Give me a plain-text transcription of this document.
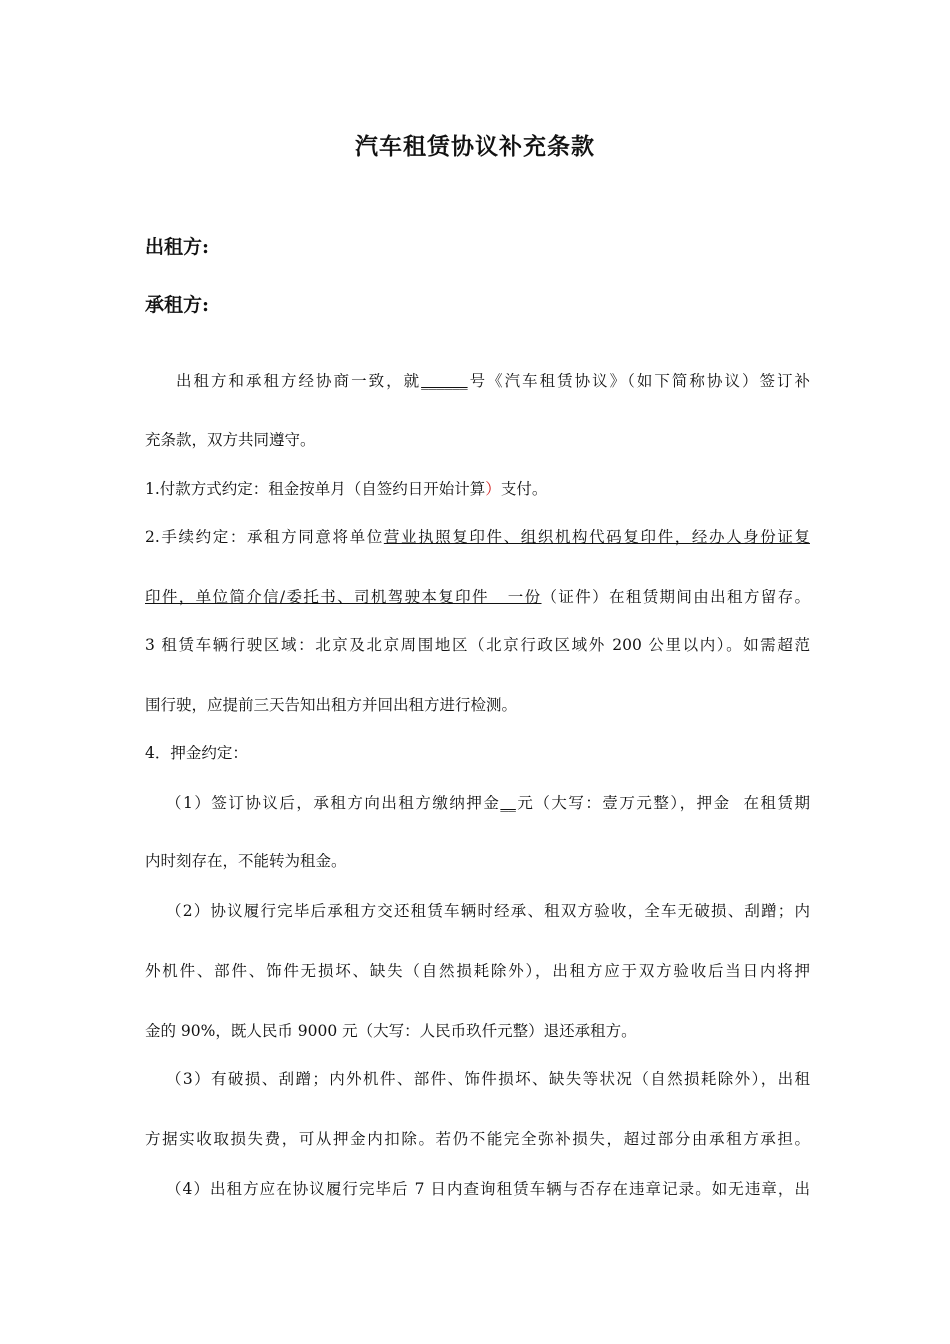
汽车租赁协议补充条款
出租方:
承租方:
出租方和承租方经协商一致，就______号《汽车租赁协议》（如下简称协议）签订补
充条款，双方共同遵守。
1.付款方式约定：租金按单月（自签约日开始计算）支付。
2.手续约定：承租方同意将单位营业执照复印件、组织机构代码复印件，经办人身份证复
印件，单位简介信/委托书、司机驾驶本复印件   一份（证件）在租赁期间由出租方留存。
3 租赁车辆行驶区域：北京及北京周围地区（北京行政区域外 200 公里以内）。如需超范
围行驶，应提前三天告知出租方并回出租方进行检测。
4．押金约定：
（1）签订协议后，承租方向出租方缴纳押金__元（大写：壹万元整），押金  在租赁期
内时刻存在，不能转为租金。
（2）协议履行完毕后承租方交还租赁车辆时经承、租双方验收，全车无破损、刮蹭；内
外机件、部件、饰件无损坏、缺失（自然损耗除外），出租方应于双方验收后当日内将押
金的 90%，既人民币 9000 元（大写：人民币玖仟元整）退还承租方。
（3）有破损、刮蹭；内外机件、部件、饰件损坏、缺失等状况（自然损耗除外），出租
方据实收取损失费，可从押金内扣除。若仍不能完全弥补损失，超过部分由承租方承担。
（4）出租方应在协议履行完毕后 7 日内查询租赁车辆与否存在违章记录。如无违章，出
